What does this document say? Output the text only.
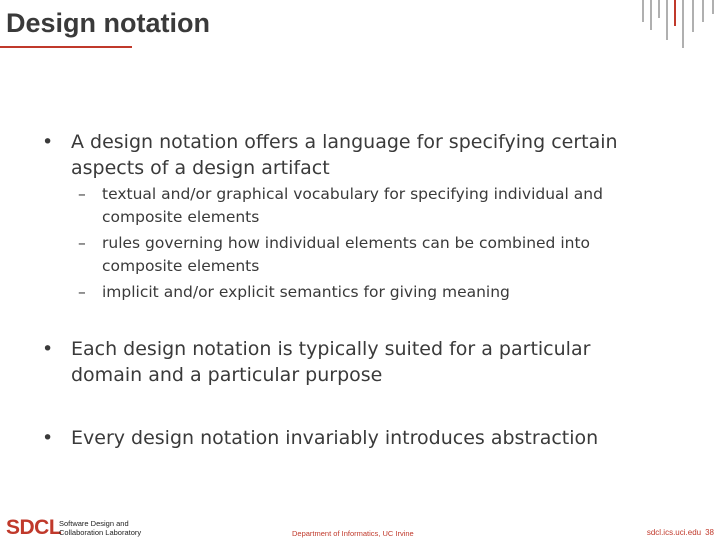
Design notation
• A design notation offers a language for specifying certain aspects of a design artifact
– textual and/or graphical vocabulary for specifying individual and
composite elements
– rules governing how individual elements can be combined into
composite elements
– implicit and/or explicit semantics for giving meaning
• Each design notation is typically suited for a particular domain and a particular purpose
• Every design notation invariably introduces abstraction
SDCL
Software Design and
Collaboration Laboratory	Department of Informatics, UC Irvine	sdcl.ics.uci.edu 38
